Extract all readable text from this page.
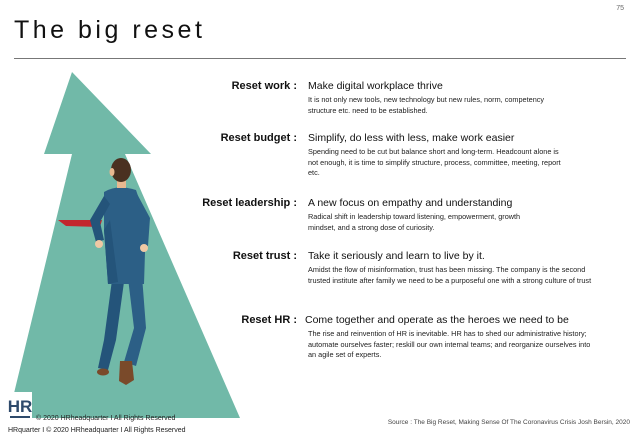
75
The big reset
Reset work : Make digital workplace thrive
It is not only new tools, new technology but new rules, norm, competency structure etc. need to be established.
Reset budget : Simplify, do less with less, make work easier
Spending need to be cut but balance short and long-term. Headcount alone is not enough, it is time to simplify structure, process, committee, meeting, report etc.
Reset leadership : A new focus on empathy and understanding
Radical shift in leadership toward listening, empowerment, growth mindset, and a strong dose of curiosity.
Reset trust : Take it seriously and learn to live by it.
Amidst the flow of misinformation, trust has been missing. The company is the second trusted institute after family we need to be a purposeful one with a strong culture of trust
Reset HR : Come together and operate as the heroes we need to be
The rise and reinvention of HR is inevitable. HR has to shed our administrative history; automate ourselves faster; reskill our own internal teams; and reorganize ourselves into an agile set of experts.
HR
© 2020 HRheadquarter I All Rights Reserved
HRquarter I © 2020 HRheadquarter I All Rights Reserved
Source : The Big Reset, Making Sense Of The Coronavirus Crisis Josh Bersin, 2020
